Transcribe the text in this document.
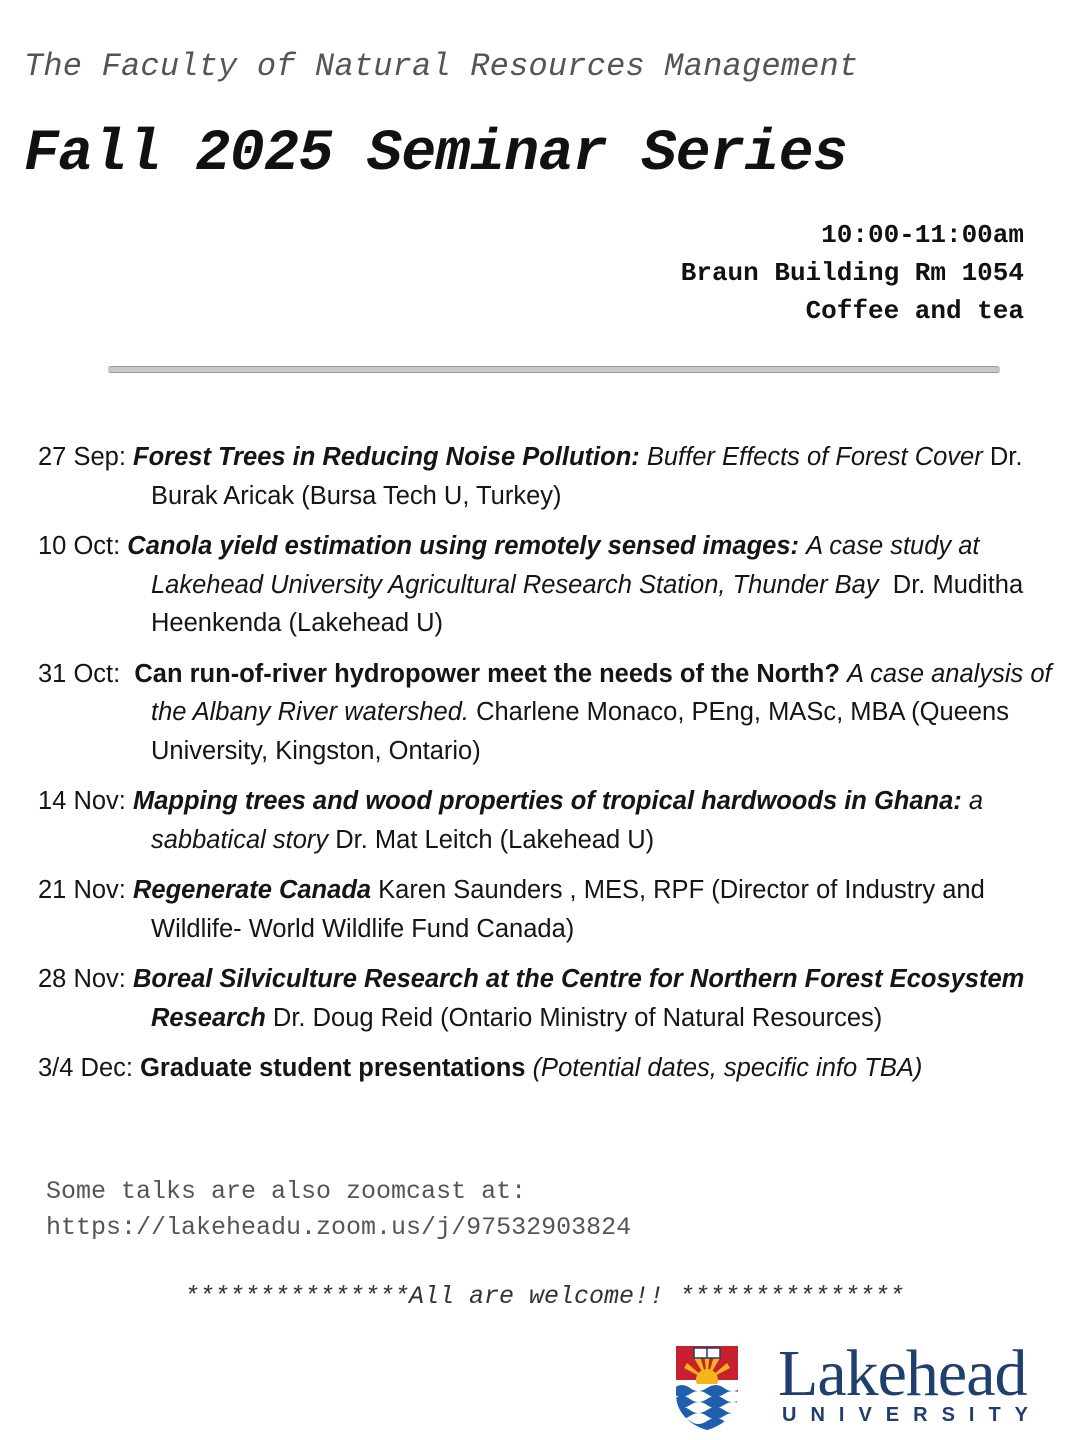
The Faculty of Natural Resources Management
Fall 2025 Seminar Series
10:00-11:00am
Braun Building Rm 1054
Coffee and tea
27 Sep: Forest Trees in Reducing Noise Pollution: Buffer Effects of Forest Cover Dr. Burak Aricak (Bursa Tech U, Turkey)
10 Oct: Canola yield estimation using remotely sensed images: A case study at Lakehead University Agricultural Research Station, Thunder Bay Dr. Muditha Heenkenda (Lakehead U)
31 Oct: Can run-of-river hydropower meet the needs of the North? A case analysis of the Albany River watershed. Charlene Monaco, PEng, MASc, MBA (Queens University, Kingston, Ontario)
14 Nov: Mapping trees and wood properties of tropical hardwoods in Ghana: a sabbatical story Dr. Mat Leitch (Lakehead U)
21 Nov: Regenerate Canada Karen Saunders , MES, RPF (Director of Industry and Wildlife- World Wildlife Fund Canada)
28 Nov: Boreal Silviculture Research at the Centre for Northern Forest Ecosystem Research Dr. Doug Reid (Ontario Ministry of Natural Resources)
3/4 Dec: Graduate student presentations (Potential dates, specific info TBA)
Some talks are also zoomcast at:
https://lakeheadu.zoom.us/j/97532903824
***************All are welcome!! ***************
Lakehead
UNIVERSITY
